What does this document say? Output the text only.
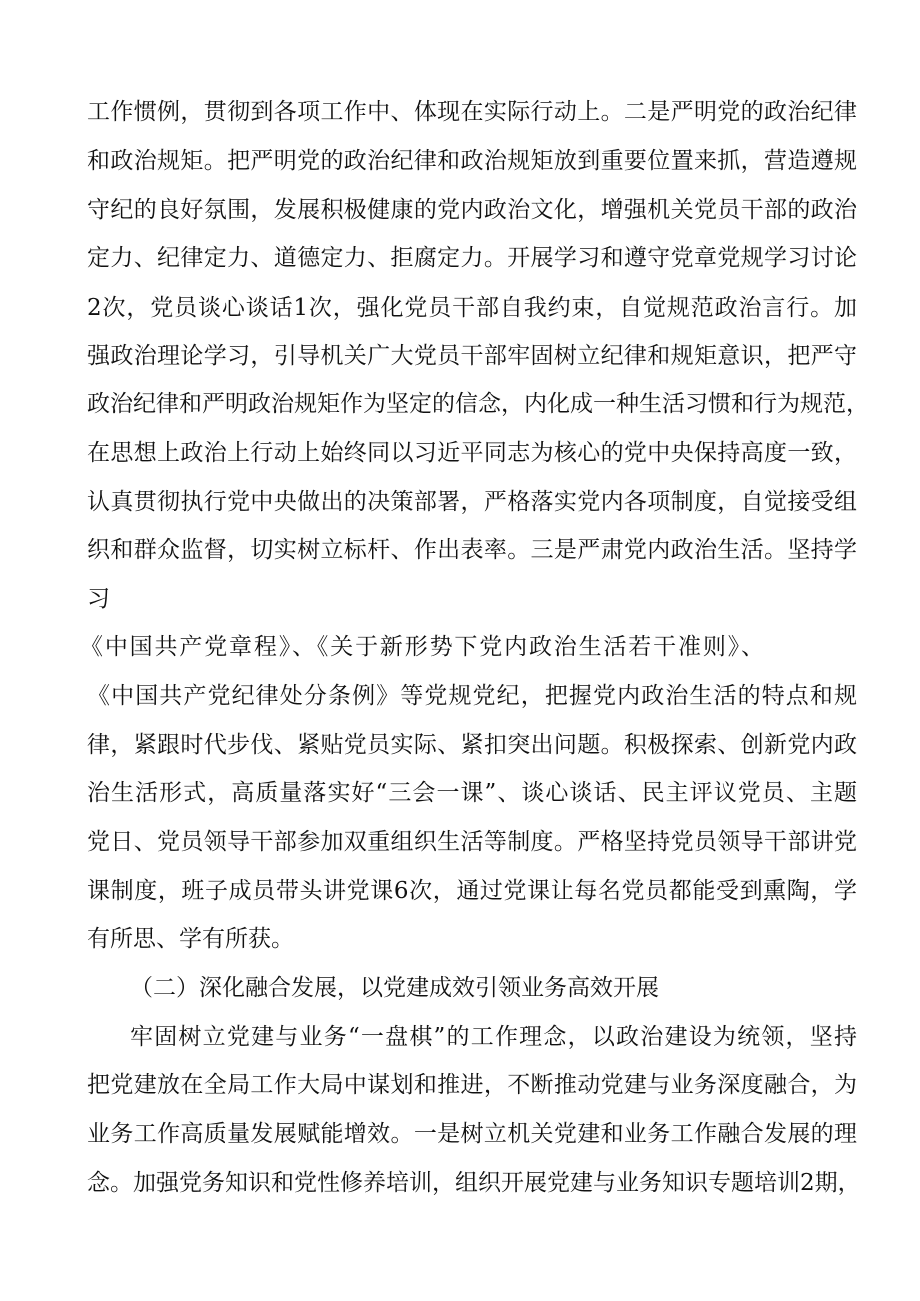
工作惯例，贯彻到各项工作中、体现在实际行动上。二是严明党的政治纪律

和政治规矩。把严明党的政治纪律和政治规矩放到重要位置来抓，营造遵规

守纪的良好氛围，发展积极健康的党内政治文化，增强机关党员干部的政治

定力、纪律定力、道德定力、拒腐定力。开展学习和遵守党章党规学习讨论

2次，党员谈心谈话1次，强化党员干部自我约束，自觉规范政治言行。加

强政治理论学习，引导机关广大党员干部牢固树立纪律和规矩意识，把严守

政治纪律和严明政治规矩作为坚定的信念，内化成一种生活习惯和行为规范，

在思想上政治上行动上始终同以习近平同志为核心的党中央保持高度一致，

认真贯彻执行党中央做出的决策部署，严格落实党内各项制度，自觉接受组

织和群众监督，切实树立标杆、作出表率。三是严肃党内政治生活。坚持学

习

《中国共产党章程》、《关于新形势下党内政治生活若干准则》、

《中国共产党纪律处分条例》等党规党纪，把握党内政治生活的特点和规

律，紧跟时代步伐、紧贴党员实际、紧扣突出问题。积极探索、创新党内政

治生活形式，高质量落实好“三会一课”、谈心谈话、民主评议党员、主题

党日、党员领导干部参加双重组织生活等制度。严格坚持党员领导干部讲党

课制度，班子成员带头讲党课6次，通过党课让每名党员都能受到熏陶，学

有所思、学有所获。

（二）深化融合发展，以党建成效引领业务高效开展

牢固树立党建与业务“一盘棋”的工作理念，以政治建设为统领，坚持

把党建放在全局工作大局中谋划和推进，不断推动党建与业务深度融合，为

业务工作高质量发展赋能增效。一是树立机关党建和业务工作融合发展的理

念。加强党务知识和党性修养培训，组织开展党建与业务知识专题培训2期，
